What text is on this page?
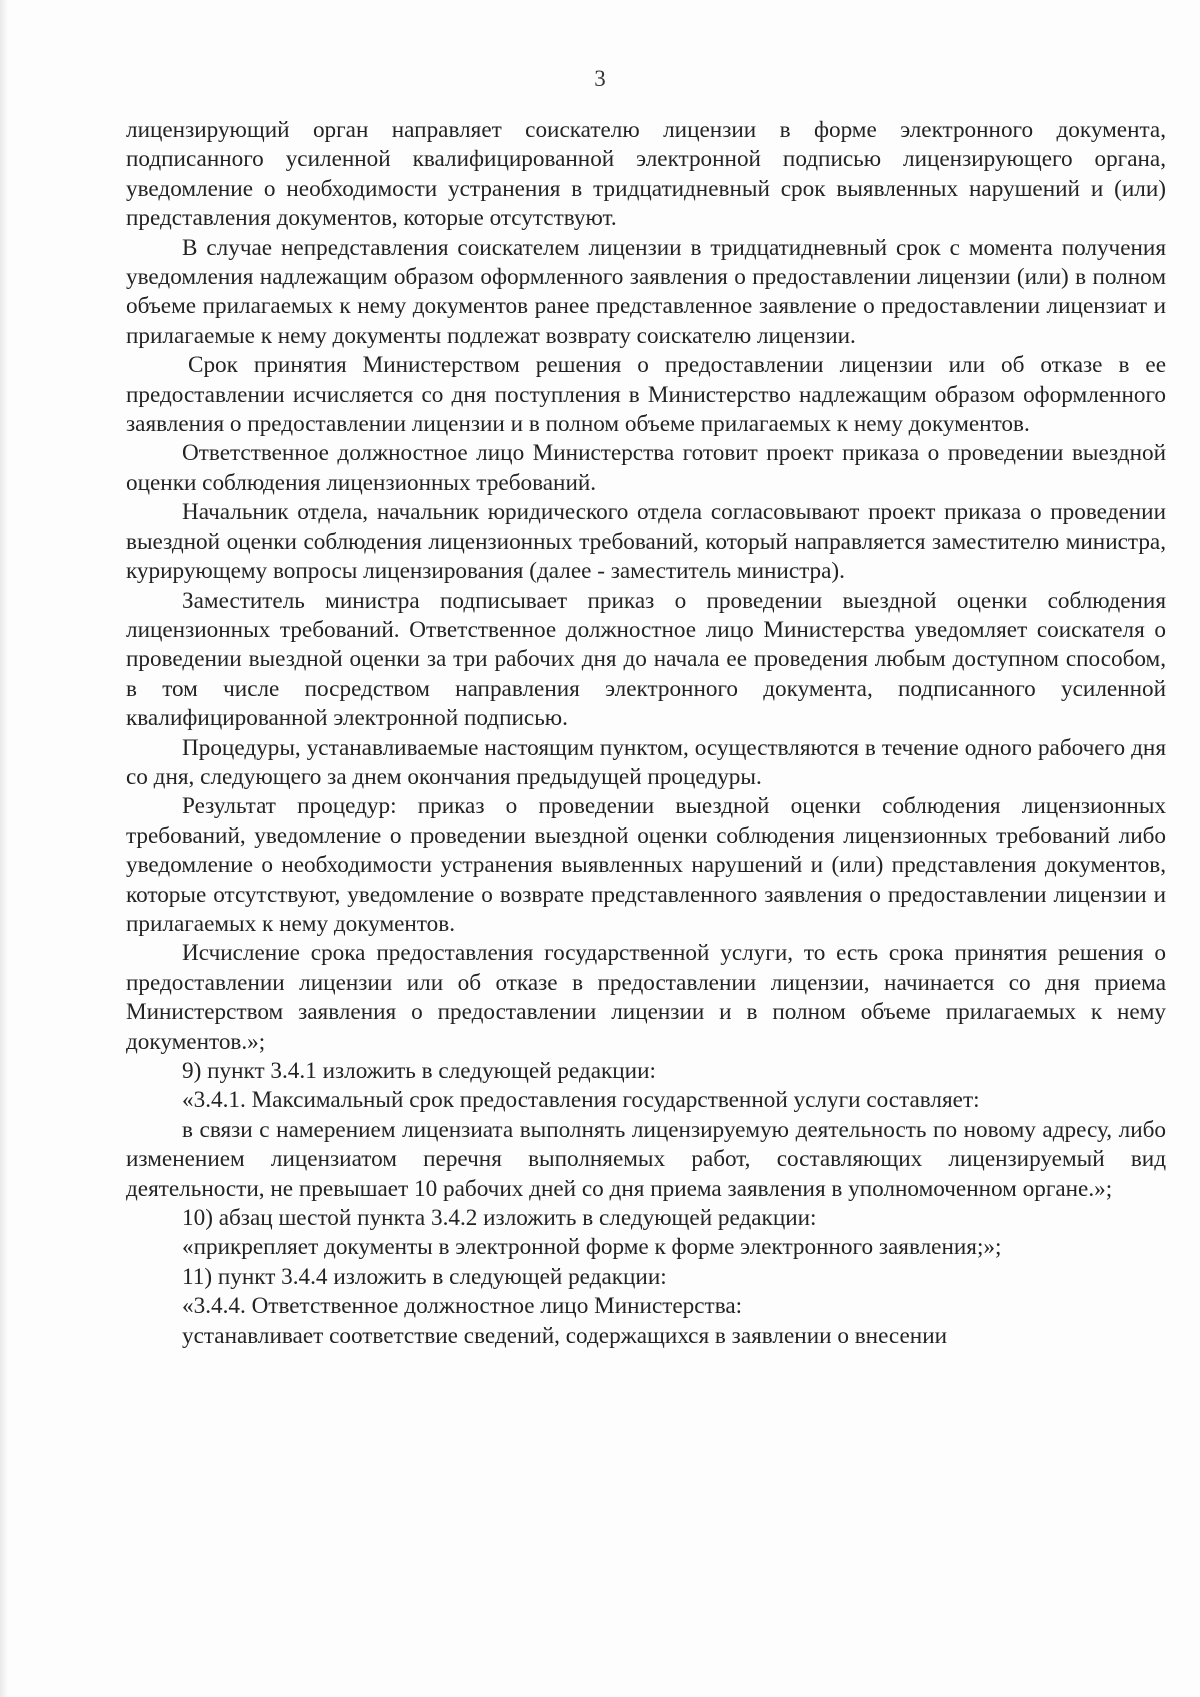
3

лицензирующий орган направляет соискателю лицензии в форме электронного документа, подписанного усиленной квалифицированной электронной подписью лицензирующего органа, уведомление о необходимости устранения в тридцатидневный срок выявленных нарушений и (или) представления документов, которые отсутствуют.

В случае непредставления соискателем лицензии в тридцатидневный срок с момента получения уведомления надлежащим образом оформленного заявления о предоставлении лицензии (или) в полном объеме прилагаемых к нему документов ранее представленное заявление о предоставлении лицензиат и прилагаемые к нему документы подлежат возврату соискателю лицензии.

Срок принятия Министерством решения о предоставлении лицензии или об отказе в ее предоставлении исчисляется со дня поступления в Министерство надлежащим образом оформленного заявления о предоставлении лицензии и в полном объеме прилагаемых к нему документов.

Ответственное должностное лицо Министерства готовит проект приказа о проведении выездной оценки соблюдения лицензионных требований.

Начальник отдела, начальник юридического отдела согласовывают проект приказа о проведении выездной оценки соблюдения лицензионных требований, который направляется заместителю министра, курирующему вопросы лицензирования (далее - заместитель министра).

Заместитель министра подписывает приказ о проведении выездной оценки соблюдения лицензионных требований. Ответственное должностное лицо Министерства уведомляет соискателя о проведении выездной оценки за три рабочих дня до начала ее проведения любым доступном способом, в том числе посредством направления электронного документа, подписанного усиленной квалифицированной электронной подписью.

Процедуры, устанавливаемые настоящим пунктом, осуществляются в течение одного рабочего дня со дня, следующего за днем окончания предыдущей процедуры.

Результат процедур: приказ о проведении выездной оценки соблюдения лицензионных требований, уведомление о проведении выездной оценки соблюдения лицензионных требований либо уведомление о необходимости устранения выявленных нарушений и (или) представления документов, которые отсутствуют, уведомление о возврате представленного заявления о предоставлении лицензии и прилагаемых к нему документов.

Исчисление срока предоставления государственной услуги, то есть срока принятия решения о предоставлении лицензии или об отказе в предоставлении лицензии, начинается со дня приема Министерством заявления о предоставлении лицензии и в полном объеме прилагаемых к нему документов.»;

9) пункт 3.4.1 изложить в следующей редакции:

«3.4.1. Максимальный срок предоставления государственной услуги составляет:

в связи с намерением лицензиата выполнять лицензируемую деятельность по новому адресу, либо изменением лицензиатом перечня выполняемых работ, составляющих лицензируемый вид деятельности, не превышает 10 рабочих дней со дня приема заявления в уполномоченном органе.»;

10) абзац шестой пункта 3.4.2 изложить в следующей редакции:

«прикрепляет документы в электронной форме к форме электронного заявления;»;

11) пункт 3.4.4 изложить в следующей редакции:

«3.4.4. Ответственное должностное лицо Министерства:

устанавливает соответствие сведений, содержащихся в заявлении о внесении
